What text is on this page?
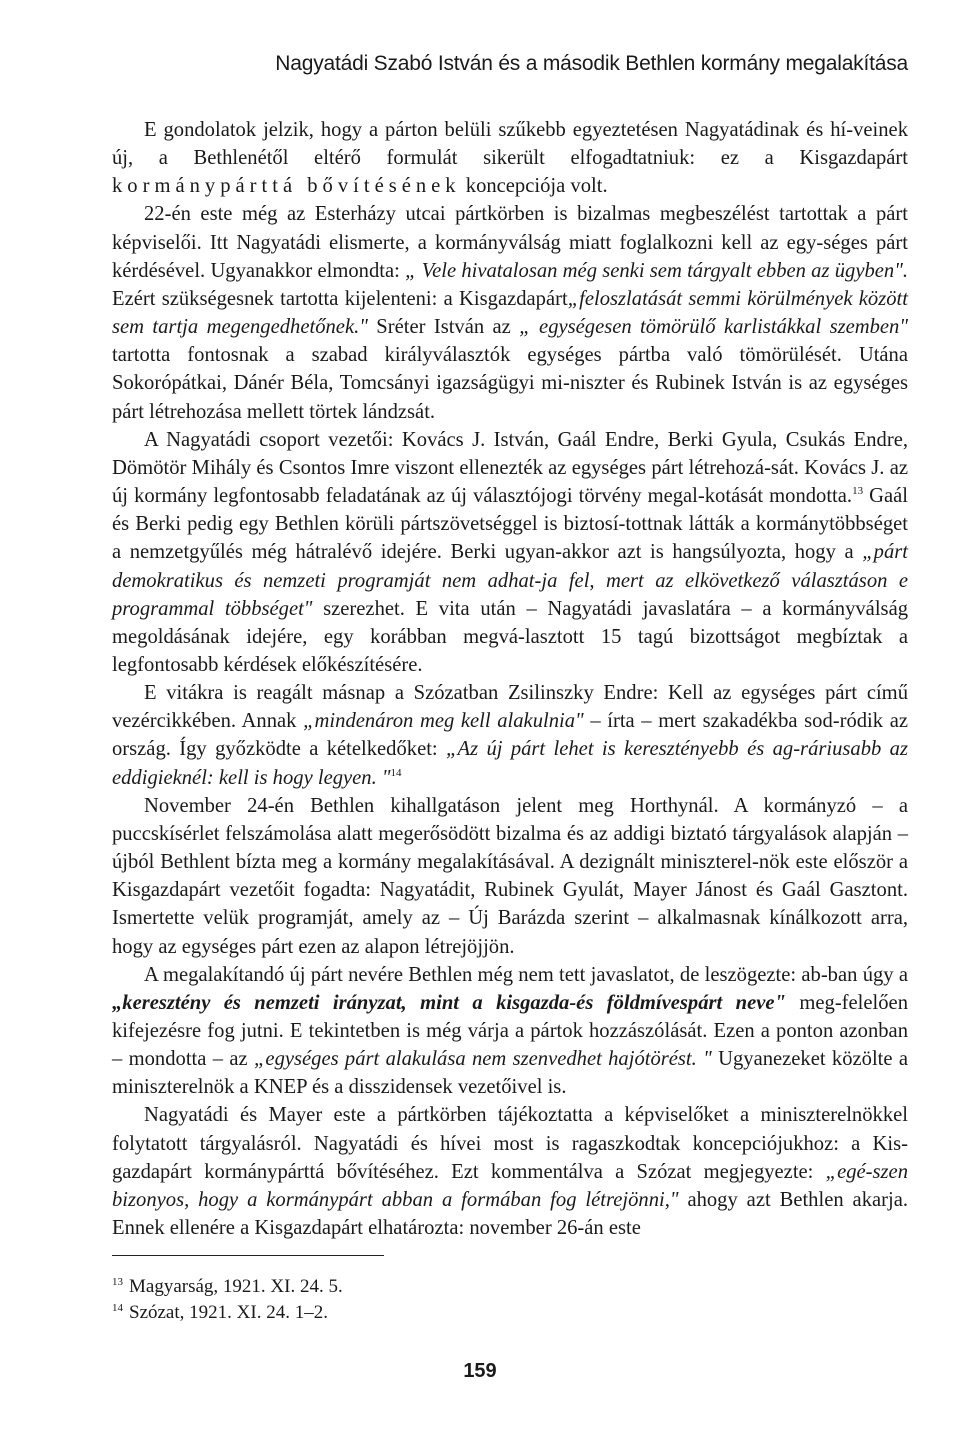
Nagyatádi Szabó István és a második Bethlen kormány megalakítása

E gondolatok jelzik, hogy a párton belüli szűkebb egyeztetésen Nagyatádinak és hí-veinek új, a Bethlenétől eltérő formulát sikerült elfogadtatniuk: ez a Kisgazdapárt kormánypárttá bővítésének koncepciója volt.

22-én este még az Esterházy utcai pártkörben is bizalmas megbeszélést tartottak a párt képviselői. Itt Nagyatádi elismerte, a kormányválság miatt foglalkozni kell az egy-séges párt kérdésével. Ugyanakkor elmondta: „ Vele hivatalosan még senki sem tárgyalt ebben az ügyben". Ezért szükségesnek tartotta kijelenteni: a Kisgazdapárt„feloszlatását semmi körülmények között sem tartja megengedhetőnek." Sréter István az „ egységesen tömörülő karlistákkal szemben" tartotta fontosnak a szabad királyválasztók egységes pártba való tömörülését. Utána Sokorópátkai, Dánér Béla, Tomcsányi igazságügyi mi-niszter és Rubinek István is az egységes párt létrehozása mellett törtek lándzsát.

A Nagyatádi csoport vezetői: Kovács J. István, Gaál Endre, Berki Gyula, Csukás Endre, Dömötör Mihály és Csontos Imre viszont ellenezték az egységes párt létrehozá-sát. Kovács J. az új kormány legfontosabb feladatának az új választójogi törvény megal-kotását mondotta.$^{13}$ Gaál és Berki pedig egy Bethlen körüli pártszövetséggel is biztosí-tottnak látták a kormánytöbbséget a nemzetgyűlés még hátralévő idejére. Berki ugyan-akkor azt is hangsúlyozta, hogy a „párt demokratikus és nemzeti programját nem adhat-ja fel, mert az elkövetkező választáson e programmal többséget" szerezhet. E vita után – Nagyatádi javaslatára – a kormányválság megoldásának idejére, egy korábban megvá-lasztott 15 tagú bizottságot megbíztak a legfontosabb kérdések előkészítésére.

E vitákra is reagált másnap a Szózatban Zsilinszky Endre: Kell az egységes párt című vezércikkében. Annak „mindenáron meg kell alakulnia" – írta – mert szakadékba sod-ródik az ország. Így győzködte a kételkedőket: „Az új párt lehet is keresztényebb és ag-ráriusabb az eddigieknél: kell is hogy legyen. "$^{14}$

November 24-én Bethlen kihallgatáson jelent meg Horthynál. A kormányzó – a puccskísérlet felszámolása alatt megerősödött bizalma és az addigi biztató tárgyalások alapján – újból Bethlent bízta meg a kormány megalakításával. A dezignált miniszterel-nök este először a Kisgazdapárt vezetőit fogadta: Nagyatádit, Rubinek Gyulát, Mayer Jánost és Gaál Gasztont. Ismertette velük programját, amely az – Új Barázda szerint – alkalmasnak kínálkozott arra, hogy az egységes párt ezen az alapon létrejöjjön.

A megalakítandó új párt nevére Bethlen még nem tett javaslatot, de leszögezte: ab-ban úgy a „keresztény és nemzeti irányzat, mint a kisgazda-és földmívespárt neve" meg-felelően kifejezésre fog jutni. E tekintetben is még várja a pártok hozzászólását. Ezen a ponton azonban – mondotta – az „egységes párt alakulása nem szenvedhet hajótörést. " Ugyanezeket közölte a miniszterelnök a KNEP és a disszidensek vezetőivel is.

Nagyatádi és Mayer este a pártkörben tájékoztatta a képviselőket a miniszterelnökkel folytatott tárgyalásról. Nagyatádi és hívei most is ragaszkodtak koncepciójukhoz: a Kis-gazdapárt kormánypárttá bővítéséhez. Ezt kommentálva a Szózat megjegyezte: „egé-szen bizonyos, hogy a kormánypárt abban a formában fog létrejönni," ahogy azt Bethlen akarja. Ennek ellenére a Kisgazdapárt elhatározta: november 26-án este

$^{13}$ Magyarság, 1921. XI. 24. 5.
$^{14}$ Szózat, 1921. XI. 24. 1–2.
159
